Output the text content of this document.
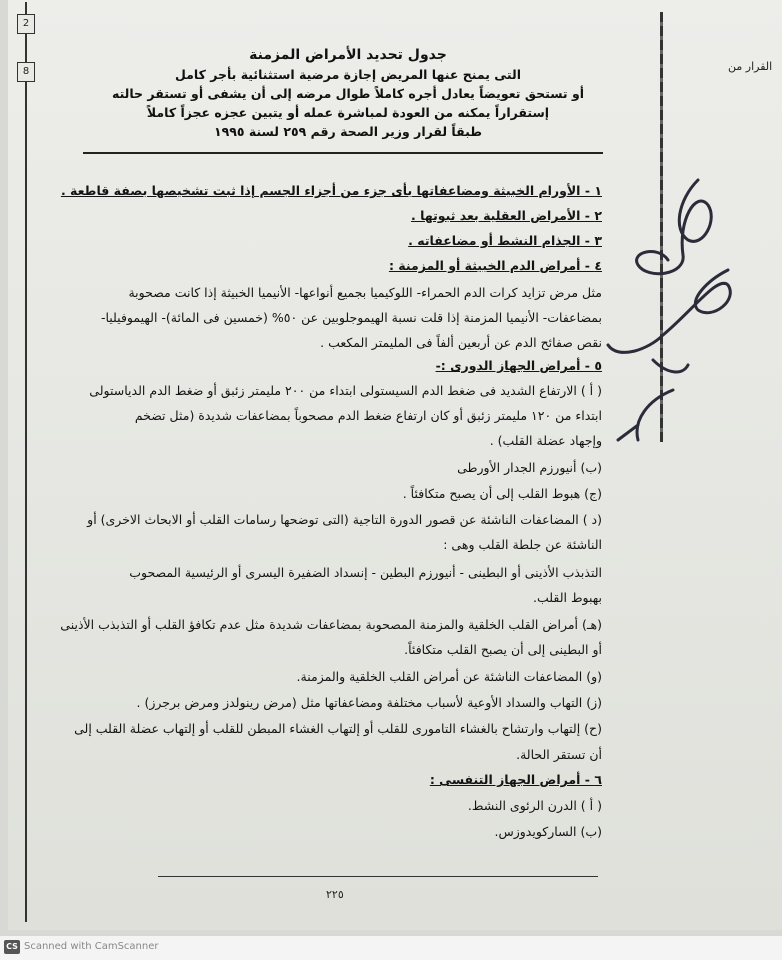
2
8	القرار من
جدول تحديد الأمراض المزمنة
التى يمنح عنها المريض إجازة مرضية استثنائية بأجر كامل
أو تستحق تعويضاً يعادل أجره كاملاً طوال مرضه إلى أن يشفى أو تستقر حالته
إستقراراً يمكنه من العودة لمباشرة عمله أو يتبين عجزه عجزاً كاملاً
طبقاً لقرار وزير الصحة رقم ٢٥٩ لسنة ١٩٩٥
١ - الأورام الخبيثة ومضاعفاتها بأى جزء من أجزاء الجسم إذا ثبت تشخيصها بصفة قاطعة .
٢ - الأمراض العقلية بعد ثبوتها .
٣ - الجذام النشط أو مضاعفاته .
٤ - أمراض الدم الخبيثة أو المزمنة :
مثل مرض تزايد كرات الدم الحمراء- اللوكيميا بجميع أنواعها- الأنيميا الخبيثة إذا كانت مصحوبة
بمضاعفات- الأنيميا المزمنة إذا قلت نسبة الهيموجلوبين عن ٥٠% (خمسين فى المائة)- الهيموفيليا-
نقص صفائح الدم عن أربعين ألفاً فى المليمتر المكعب .
٥ - أمراض الجهاز الدورى :-
( أ ) الارتفاع الشديد فى ضغط الدم السيستولى ابتداء من ٢٠٠ مليمتر زئبق أو ضغط الدم الدياستولى
ابتداء من ١٢٠ مليمتر زئبق أو كان ارتفاع ضغط الدم مصحوباً بمضاعفات شديدة (مثل تضخم
وإجهاد عضلة القلب) .
(ب) أنيورزم الجدار الأورطى
(ج) هبوط القلب إلى أن يصبح متكافئاً .
(د ) المضاعفات الناشئة عن قصور الدورة التاجية (التى توضحها رسامات القلب أو الابحاث الاخرى) أو
الناشئة عن جلطة القلب وهى :
التذبذب الأذينى أو البطينى - أنيورزم البطين - إنسداد الضفيرة اليسرى أو الرئيسية المصحوب
بهبوط القلب.
(هـ) أمراض القلب الخلقية والمزمنة المصحوبة بمضاعفات شديدة مثل عدم تكافؤ القلب أو التذبذب الأذينى
أو البطينى إلى أن يصبح القلب متكافئاً.
(و) المضاعفات الناشئة عن أمراض القلب الخلقية والمزمنة.
(ز) التهاب والسداد الأوعية لأسباب مختلفة ومضاعفاتها مثل (مرض رينولدز ومرض برجرز) .
(ح) إلتهاب وارتشاح بالغشاء التامورى للقلب أو إلتهاب الغشاء المبطن للقلب أو إلتهاب عضلة القلب إلى
أن تستقر الحالة.
٦ - أمراض الجهاز التنفسى :
( أ ) الدرن الرئوى النشط.
(ب) الساركويدوزس.
٢٢٥
CS Scanned with CamScanner
